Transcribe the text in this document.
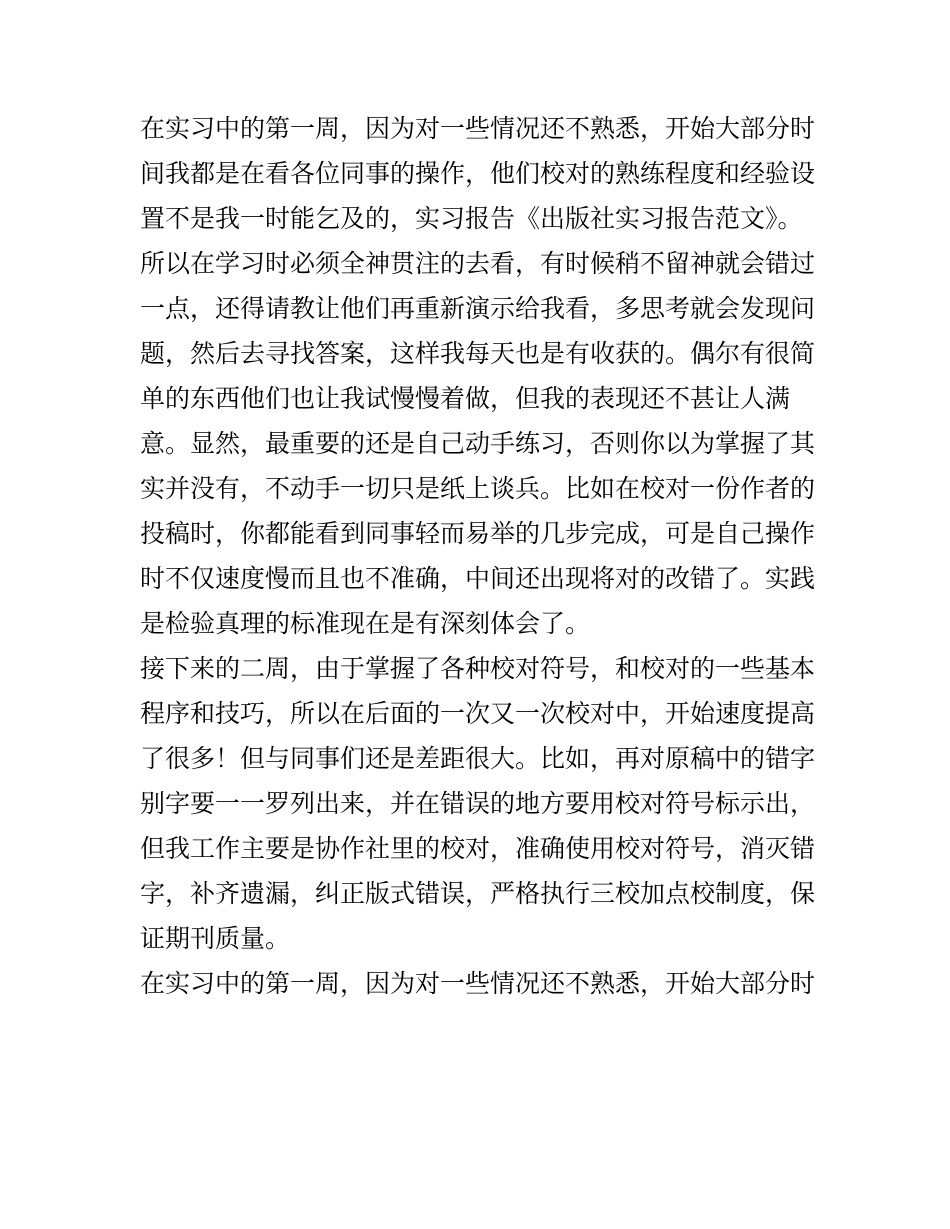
在实习中的第一周，因为对一些情况还不熟悉，开始大部分时
间我都是在看各位同事的操作，他们校对的熟练程度和经验设
置不是我一时能乞及的，实习报告《出版社实习报告范文》。
所以在学习时必须全神贯注的去看，有时候稍不留神就会错过
一点，还得请教让他们再重新演示给我看，多思考就会发现问
题，然后去寻找答案，这样我每天也是有收获的。偶尔有很简
单的东西他们也让我试慢慢着做，但我的表现还不甚让人满
意。显然，最重要的还是自己动手练习，否则你以为掌握了其
实并没有，不动手一切只是纸上谈兵。比如在校对一份作者的
投稿时，你都能看到同事轻而易举的几步完成，可是自己操作
时不仅速度慢而且也不准确，中间还出现将对的改错了。实践
是检验真理的标准现在是有深刻体会了。
接下来的二周，由于掌握了各种校对符号，和校对的一些基本
程序和技巧，所以在后面的一次又一次校对中，开始速度提高
了很多！但与同事们还是差距很大。比如，再对原稿中的错字
别字要一一罗列出来，并在错误的地方要用校对符号标示出，
但我工作主要是协作社里的校对，准确使用校对符号，消灭错
字，补齐遗漏，纠正版式错误，严格执行三校加点校制度，保
证期刊质量。
在实习中的第一周，因为对一些情况还不熟悉，开始大部分时
